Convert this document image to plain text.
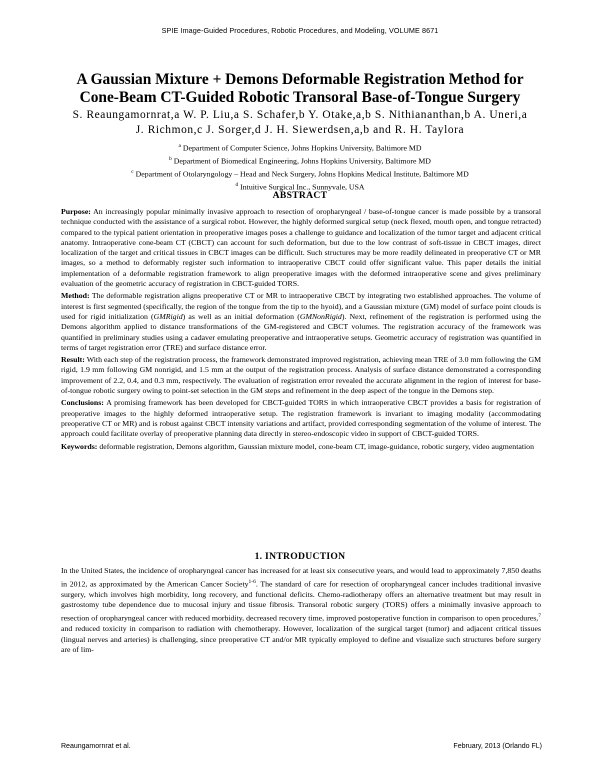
SPIE Image-Guided Procedures, Robotic Procedures, and Modeling, VOLUME 8671
A Gaussian Mixture + Demons Deformable Registration Method for
Cone-Beam CT-Guided Robotic Transoral Base-of-Tongue Surgery
S. Reaungamornrat,a W. P. Liu,a S. Schafer,b Y. Otake,a,b S. Nithiananthan,b A. Uneri,a
J. Richmon,c J. Sorger,d J. H. Siewerdsen,a,b and R. H. Taylora
$^a$ Department of Computer Science, Johns Hopkins University, Baltimore MD
$^b$ Department of Biomedical Engineering, Johns Hopkins University, Baltimore MD
$^c$ Department of Otolaryngology – Head and Neck Surgery, Johns Hopkins Medical Institute, Baltimore MD
$^d$ Intuitive Surgical Inc., Sunnyvale, USA
ABSTRACT

Purpose: An increasingly popular minimally invasive approach to resection of oropharyngeal / base-of-tongue cancer is made possible by a transoral technique conducted with the assistance of a surgical robot. However, the highly deformed surgical setup (neck flexed, mouth open, and tongue retracted) compared to the typical patient orientation in preoperative images poses a challenge to guidance and localization of the tumor target and adjacent critical anatomy. Intraoperative cone-beam CT (CBCT) can account for such deformation, but due to the low contrast of soft-tissue in CBCT images, direct localization of the target and critical tissues in CBCT images can be difficult. Such structures may be more readily delineated in preoperative CT or MR images, so a method to deformably register such information to intraoperative CBCT could offer significant value. This paper details the initial implementation of a deformable registration framework to align preoperative images with the deformed intraoperative scene and gives preliminary evaluation of the geometric accuracy of registration in CBCT-guided TORS.

Method: The deformable registration aligns preoperative CT or MR to intraoperative CBCT by integrating two established approaches. The volume of interest is first segmented (specifically, the region of the tongue from the tip to the hyoid), and a Gaussian mixture (GM) model of surface point clouds is used for rigid initialization (GMRigid) as well as an initial deformation (GMNonRigid). Next, refinement of the registration is performed using the Demons algorithm applied to distance transformations of the GM-registered and CBCT volumes. The registration accuracy of the framework was quantified in preliminary studies using a cadaver emulating preoperative and intraoperative setups. Geometric accuracy of registration was quantified in terms of target registration error (TRE) and surface distance error.

Result: With each step of the registration process, the framework demonstrated improved registration, achieving mean TRE of 3.0 mm following the GM rigid, 1.9 mm following GM nonrigid, and 1.5 mm at the output of the registration process. Analysis of surface distance demonstrated a corresponding improvement of 2.2, 0.4, and 0.3 mm, respectively. The evaluation of registration error revealed the accurate alignment in the region of interest for base-of-tongue robotic surgery owing to point-set selection in the GM steps and refinement in the deep aspect of the tongue in the Demons step.

Conclusions: A promising framework has been developed for CBCT-guided TORS in which intraoperative CBCT provides a basis for registration of preoperative images to the highly deformed intraoperative setup. The registration framework is invariant to imaging modality (accommodating preoperative CT or MR) and is robust against CBCT intensity variations and artifact, provided corresponding segmentation of the volume of interest. The approach could facilitate overlay of preoperative planning data directly in stereo-endoscopic video in support of CBCT-guided TORS.

Keywords: deformable registration, Demons algorithm, Gaussian mixture model, cone-beam CT, image-guidance, robotic surgery, video augmentation

1. INTRODUCTION

In the United States, the incidence of oropharyngeal cancer has increased for at least six consecutive years, and would lead to approximately 7,850 deaths in 2012, as approximated by the American Cancer Society$^{1-6}$. The standard of care for resection of oropharyngeal cancer includes traditional invasive surgery, which involves high morbidity, long recovery, and functional deficits. Chemo-radiotherapy offers an alternative treatment but may result in gastrostomy tube dependence due to mucosal injury and tissue fibrosis. Transoral robotic surgery (TORS) offers a minimally invasive approach to resection of oropharyngeal cancer with reduced morbidity, decreased recovery time, improved postoperative function in comparison to open procedures,$^7$ and reduced toxicity in comparison to radiation with chemotherapy. However, localization of the surgical target (tumor) and adjacent critical tissues (lingual nerves and arteries) is challenging, since preoperative CT and/or MR typically employed to define and visualize such structures before surgery are of lim-

Reaungamornrat et al.	February, 2013 (Orlando FL)
